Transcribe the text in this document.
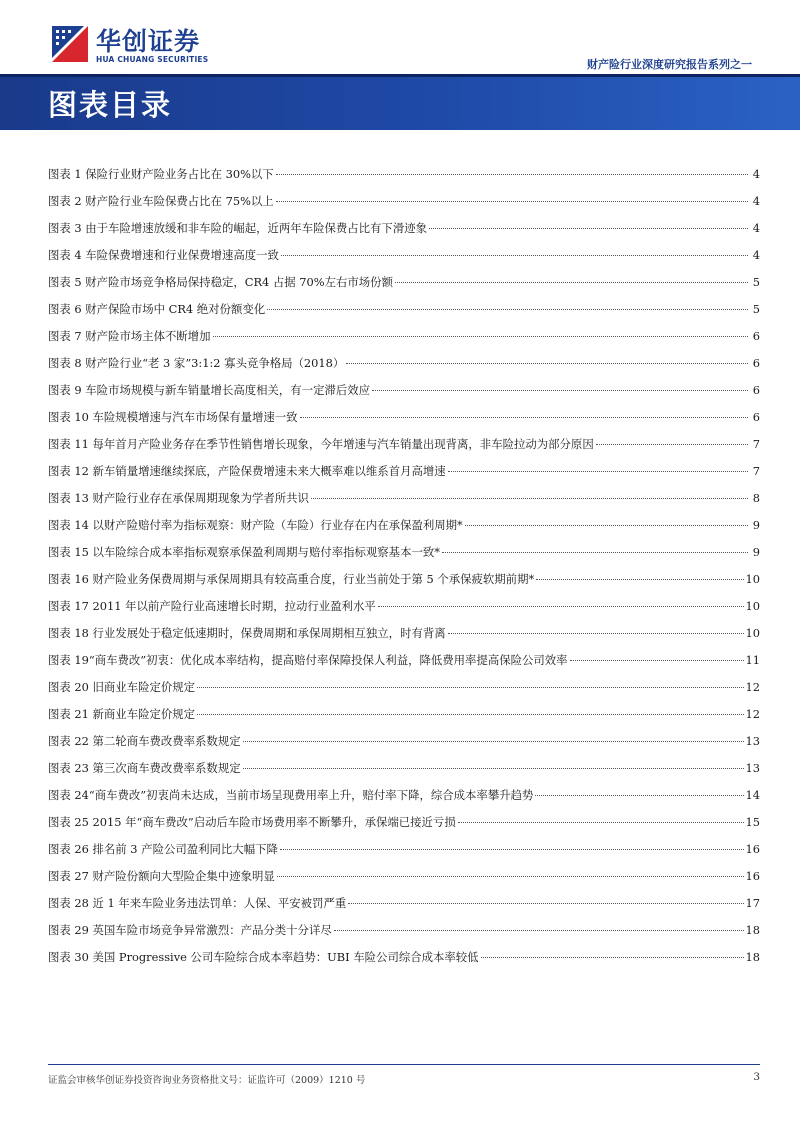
华创证券
HUA CHUANG SECURITIES	财产险行业深度研究报告系列之一
图表目录
图表 1 保险行业财产险业务占比在 30%以下	4
图表 2 财产险行业车险保费占比在 75%以上	4
图表 3 由于车险增速放缓和非车险的崛起，近两年车险保费占比有下滑迹象	4
图表 4 车险保费增速和行业保费增速高度一致	4
图表 5 财产险市场竞争格局保持稳定，CR4 占据 70%左右市场份额	5
图表 6 财产保险市场中 CR4 绝对份额变化	5
图表 7 财产险市场主体不断增加	6
图表 8 财产险行业“老 3 家”3:1:2 寡头竞争格局（2018）	6
图表 9 车险市场规模与新车销量增长高度相关，有一定滞后效应	6
图表 10 车险规模增速与汽车市场保有量增速一致	6
图表 11 每年首月产险业务存在季节性销售增长现象，今年增速与汽车销量出现背离，非车险拉动为部分原因	7
图表 12 新车销量增速继续探底，产险保费增速未来大概率难以维系首月高增速	7
图表 13 财产险行业存在承保周期现象为学者所共识	8
图表 14 以财产险赔付率为指标观察：财产险（车险）行业存在内在承保盈利周期*	9
图表 15 以车险综合成本率指标观察承保盈利周期与赔付率指标观察基本一致*	9
图表 16 财产险业务保费周期与承保周期具有较高重合度，行业当前处于第 5 个承保疲软期前期*	10
图表 17 2011 年以前产险行业高速增长时期，拉动行业盈利水平	10
图表 18 行业发展处于稳定低速期时，保费周期和承保周期相互独立，时有背离	10
图表 19“商车费改”初衷：优化成本率结构，提高赔付率保障投保人利益，降低费用率提高保险公司效率	11
图表 20 旧商业车险定价规定	12
图表 21 新商业车险定价规定	12
图表 22 第二轮商车费改费率系数规定	13
图表 23 第三次商车费改费率系数规定	13
图表 24“商车费改”初衷尚未达成，当前市场呈现费用率上升，赔付率下降，综合成本率攀升趋势	14
图表 25 2015 年“商车费改”启动后车险市场费用率不断攀升，承保端已接近亏损	15
图表 26 排名前 3 产险公司盈利同比大幅下降	16
图表 27 财产险份额向大型险企集中迹象明显	16
图表 28 近 1 年来车险业务违法罚单：人保、平安被罚严重	17
图表 29 英国车险市场竞争异常激烈：产品分类十分详尽	18
图表 30 美国 Progressive 公司车险综合成本率趋势：UBI 车险公司综合成本率较低	18
证监会审核华创证券投资咨询业务资格批文号：证监许可（2009）1210 号	3
